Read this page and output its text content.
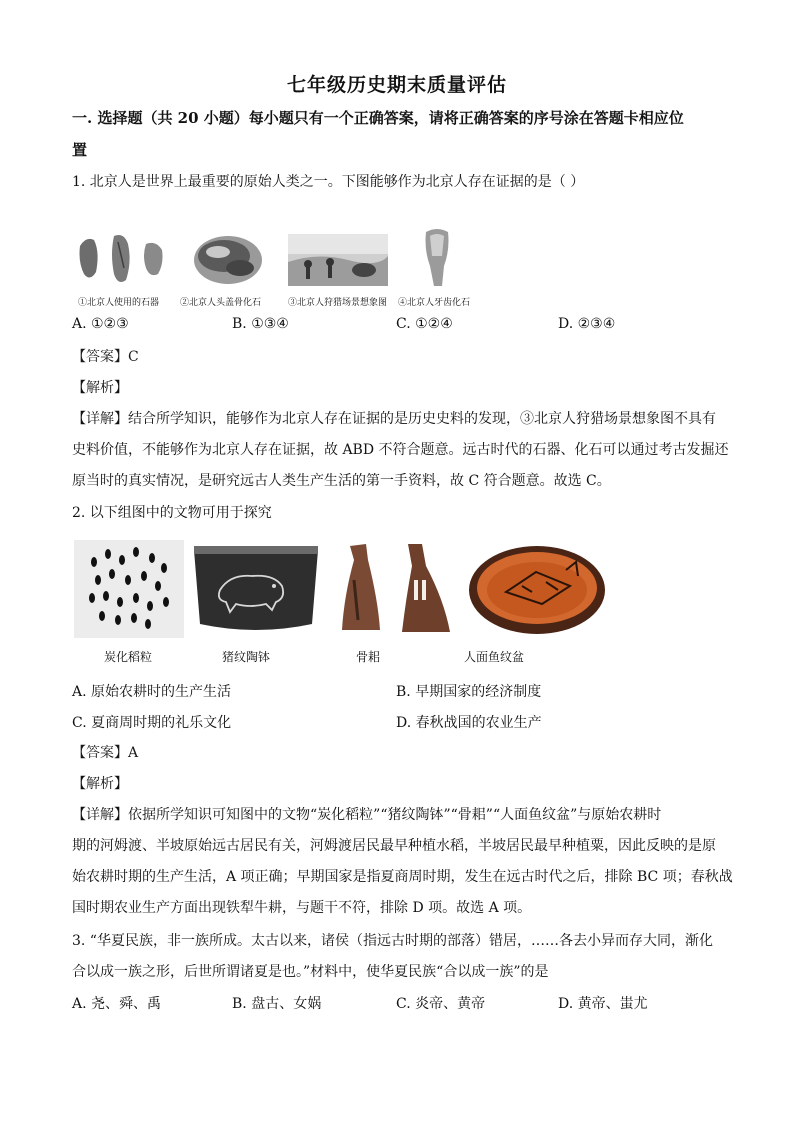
七年级历史期末质量评估
一. 选择题（共 20 小题）每小题只有一个正确答案，请将正确答案的序号涂在答题卡相应位
置
1. 北京人是世界上最重要的原始人类之一。下图能够作为北京人存在证据的是（ ）
①北京人使用的石器 ②北京人头盖骨化石	③北京人狩猎场景想象图 ④北京人牙齿化石
A. ①②③	B. ①③④	C. ①②④	D. ②③④
【答案】C
【解析】
【详解】结合所学知识，能够作为北京人存在证据的是历史史料的发现，③北京人狩猎场景想象图不具有
史料价值，不能够作为北京人存在证据，故 ABD 不符合题意。远古时代的石器、化石可以通过考古发掘还
原当时的真实情况，是研究远古人类生产生活的第一手资料，故 C 符合题意。故选 C。
2. 以下组图中的文物可用于探究
炭化稻粒	猪纹陶钵	骨耜	人面鱼纹盆
A. 原始农耕时的生产生活	B. 早期国家的经济制度
C. 夏商周时期的礼乐文化	D. 春秋战国的农业生产
【答案】A
【解析】
【详解】依据所学知识可知图中的文物“炭化稻粒”“猪纹陶钵”“骨耜”“人面鱼纹盆”与原始农耕时
期的河姆渡、半坡原始远古居民有关，河姆渡居民最早种植水稻，半坡居民最早种植粟，因此反映的是原
始农耕时期的生产生活，A 项正确；早期国家是指夏商周时期，发生在远古时代之后，排除 BC 项；春秋战
国时期农业生产方面出现铁犁牛耕，与题干不符，排除 D 项。故选 A 项。
3. “华夏民族，非一族所成。太古以来，诸侯（指远古时期的部落）错居，……各去小异而存大同，渐化
合以成一族之形，后世所谓诸夏是也。”材料中，使华夏民族“合以成一族”的是
A. 尧、舜、禹	B. 盘古、女娲	C. 炎帝、黄帝	D. 黄帝、蚩尤
